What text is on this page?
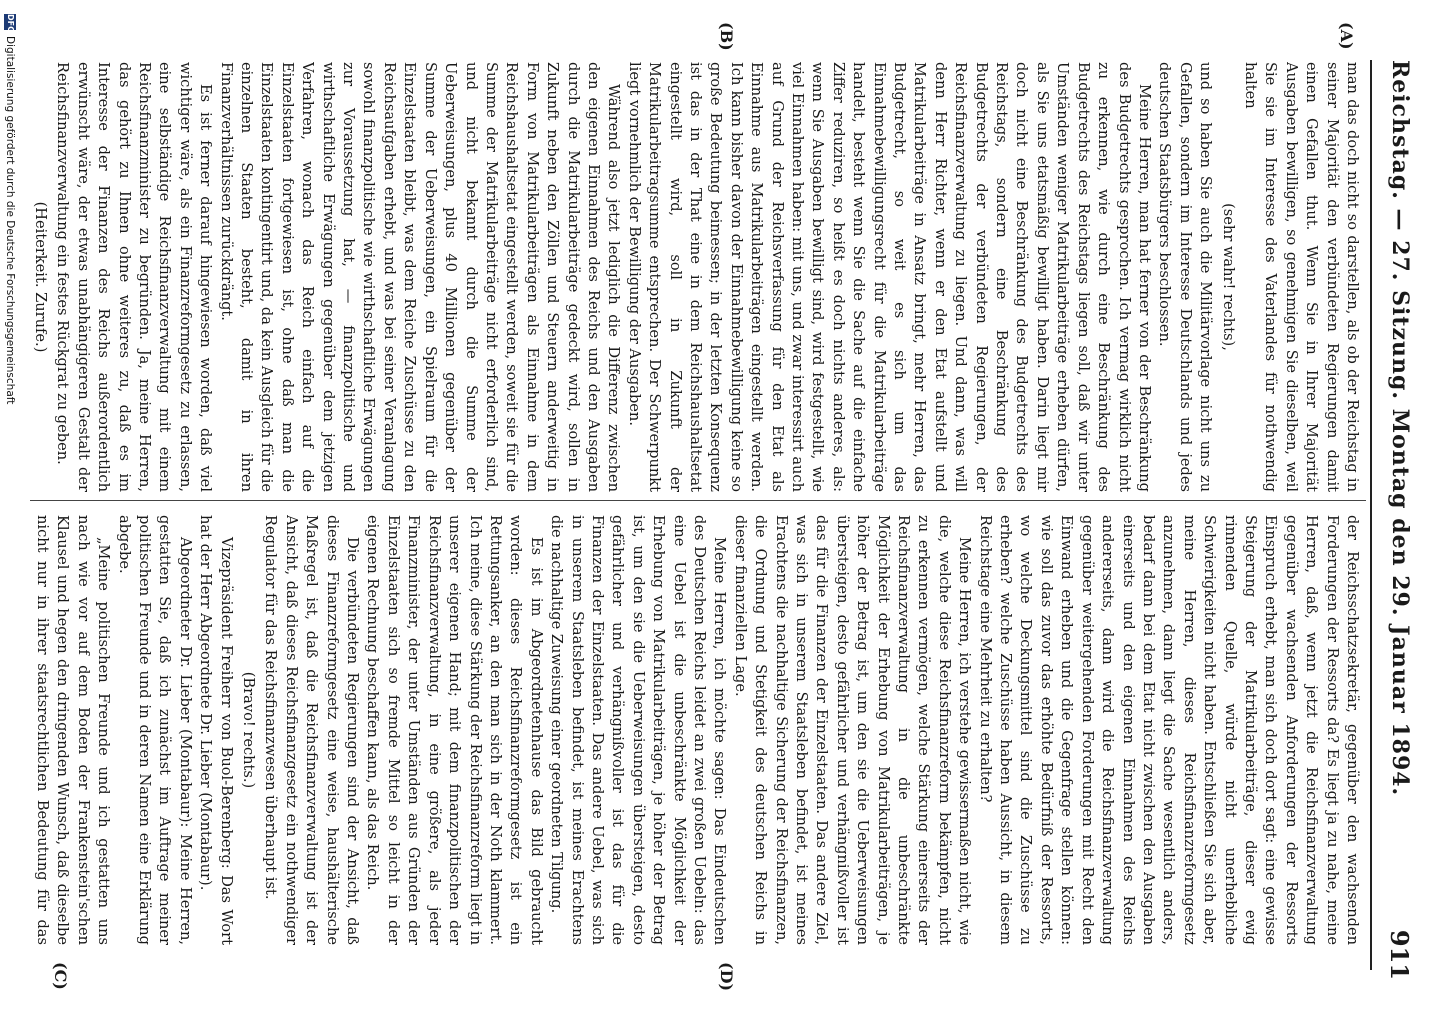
Reichstag. — 27. Sitzung. Montag den 29. Januar 1894.
911
(A)
(B)
(C)	(D)

man das doch nicht so darstellen, als ob der Reichstag in seiner Majorität den verbündeten Regierungen damit einen Gefallen thut. Wenn Sie in Ihrer Majorität Ausgaben bewilligen, so genehmigen Sie dieselben, weil Sie sie im Interesse des Vaterlandes für nothwendig halten

(sehr wahr! rechts),

und so haben Sie auch die Militärvorlage nicht uns zu Gefallen, sondern im Interesse Deutschlands und jedes deutschen Staatsbürgers beschlossen.

Meine Herren, man hat ferner von der Beschränkung des Budgetrechts gesprochen. Ich vermag wirklich nicht zu erkennen, wie durch eine Beschränkung des Budgetrechts des Reichstags liegen soll, daß wir unter Umständen weniger Matrikularbeiträge erheben dürfen, als Sie uns etatsmäßig bewilligt haben. Darin liegt mir doch nicht eine Beschränkung des Budgetrechts des Reichstags, sondern eine Beschränkung des Budgetrechts der verbündeten Regierungen, der Reichsfinanzverwaltung zu liegen. Und dann, was will denn Herr Richter, wenn er den Etat aufstellt und Matrikularbeiträge in Ansatz bringt, mehr Herren, das Budgetrecht, so weit es sich um das Einnahmebewilligungsrecht für die Matrikularbeiträge handelt, besteht wenn Sie die Sache auf die einfache Ziffer reduziren, so heißt es doch nichts anderes, als: wenn Sie Ausgaben bewilligt sind, wird festgestellt, wie viel Einnahmen haben: mit uns, und zwar interessirt auch auf Grund der Reichsverfassung für den Etat als Einnahme aus Matrikularbeiträgen eingestellt werden. Ich kann bisher davon der Einnahmebewilligung keine so große Bedeutung beimessen; in der letzten Konsequenz ist das in der That eine in dem Reichshaushaltsetat eingestellt wird, soll in Zukunft der Matrikularbeitragsumme entsprechen. Der Schwerpunkt liegt vornehmlich der Bewilligung der Ausgaben.

Während also jetzt lediglich die Differenz zwischen den eigenen Einnahmen des Reichs und den Ausgaben durch die Matrikularbeiträge gedeckt wird, sollen in Zukunft neben den Zöllen und Steuern anderweitig in Form von Matrikularbeiträgen als Einnahme in dem Reichshaushaltsetat eingestellt werden, soweit sie für die Summe der Matrikularbeiträge nicht erforderlich sind, und nicht bekannt durch die Summe der Ueberweisungen, plus 40 Millionen gegenüber der Summe der Ueberweisungen, ein Spielraum für die Einzelstaaten bleibt, was dem Reiche Zuschüsse zu den Reichsaufgaben erhebt, und was bei seiner Veranlagung sowohl finanzpolitische wie wirthschaftliche Erwägungen zur Voraussetzung hat, — finanzpolitische und wirthschaftliche Erwägungen gegenüber dem jetzigen Verfahren, wonach das Reich einfach auf die Einzelstaaten fortgewiesen ist, ohne daß man die Einzelstaaten kontingentirt und, da kein Ausgleich für die einzelnen Staaten besteht, damit in ihren Finanzverhältnissen zurückdrängt.

Es ist ferner darauf hingewiesen worden, daß viel wichtiger wäre, als ein Finanzreformgesetz zu erlassen, eine selbständige Reichsfinanzverwaltung mit einem Reichsfinanzminister zu begründen. Ja, meine Herren, das gehört zu Ihnen ohne weiteres zu, daß es im Interesse der Finanzen des Reichs außerordentlich erwünscht wäre, der etwas unabhängigeren Gestalt der Reichsfinanzverwaltung ein festes Rückgrat zu geben.

(Heiterkeit. Zurufe.)

der Reichsschatzsekretär, gegenüber den wachsenden Forderungen der Ressorts da? Es liegt ja zu nahe, meine Herren, daß, wenn jetzt die Reichsfinanzverwaltung gegenüber wachsenden Anforderungen der Ressorts Einspruch erhebt, man sich doch dort sagt: eine gewisse Steigerung der Matrikularbeiträge, dieser ewig rinnenden Quelle, würde nicht unerhebliche Schwierigkeiten nicht haben. Entschließen Sie sich aber, meine Herren, dieses Reichsfinanzreformgesetz anzunehmen, dann liegt die Sache wesentlich anders, bedarf dann bei dem Etat nicht zwischen den Ausgaben einerseits und den eigenen Einnahmen des Reichs andererseits, dann wird die Reichsfinanzverwaltung gegenüber weitergehenden Forderungen mit Recht den Einwand erheben und die Gegenfrage stellen können: wie soll das zuvor das erhöhte Bedürfniß der Ressorts, wo welche Deckungsmittel sind die Zuschüsse zu erheben? welche Zuschüsse haben Aussicht, in diesem Reichstage eine Mehrheit zu erhalten?

Meine Herren, ich verstehe gewissermaßen nicht, wie die, welche diese Reichsfinanzreform bekämpfen, nicht zu erkennen vermögen, welche Stärkung einerseits der Reichsfinanzverwaltung in die unbeschränkte Möglichkeit der Erhebung von Matrikularbeiträgen, je höher der Betrag ist, um den sie die Ueberweisungen übersteigen, desto gefährlicher und verhängnißvoller ist das für die Finanzen der Einzelstaaten. Das andere Ziel, was sich in unserem Staatsleben befindet, ist meines Erachtens die nachhaltige Sicherung der Reichsfinanzen, die Ordnung und Stetigkeit des deutschen Reichs in dieser finanziellen Lage.

Meine Herren, ich möchte sagen: Das Eindeutschen des Deutschen Reichs leidet an zwei großen Uebeln: das eine Uebel ist die unbeschränkte Möglichkeit der Erhebung von Matrikularbeiträgen, je höher der Betrag ist, um den sie die Ueberweisungen übersteigen, desto gefährlicher und verhängnißvoller ist das für die Finanzen der Einzelstaaten. Das andere Uebel, was sich in unserem Staatsleben befindet, ist meines Erachtens die nachhaltige Zuweisung einer geordneten Tilgung.

Es ist im Abgeordnetenhause das Bild gebraucht worden: dieses Reichsfinanzreformgesetz ist ein Rettungsanker, an den man sich in der Noth klammert. Ich meine, diese Stärkung der Reichsfinanzreform liegt in unserer eigenen Hand; mit dem finanzpolitischen der Reichsfinanzverwaltung, in eine größere, als jeder Finanzminister, der unter Umständen aus Gründen der Einzelstaaten sich so fremde Mittel so leicht in der eigenen Rechnung beschaffen kann, als das Reich.

Die verbündeten Regierungen sind der Ansicht, daß dieses Finanzreformgesetz eine weise, haushälterische Maßregel ist, daß die Reichsfinanzverwaltung ist der Ansicht, daß dieses Reichsfinanzgesetz ein nothwendiger Regulator für das Reichsfinanzwesen überhaupt ist.

(Bravo! rechts.)

Vizepräsident Freiherr von Buol-Berenberg: Das Wort hat der Herr Abgeordnete Dr. Lieber (Montabaur).

Abgeordneter Dr. Lieber (Montabaur): Meine Herren, gestatten Sie, daß ich zunächst im Auftrage meiner politischen Freunde und in deren Namen eine Erklärung abgebe.

„Meine politischen Freunde und ich gestatten uns nach wie vor auf dem Boden der Frankenstein'schen Klausel und hegen den dringenden Wunsch, daß dieselbe nicht nur in ihrer staatsrechtlichen Bedeutung für das

DFG
Digitalisierung gefördert durch die Deutsche Forschungsgemeinschaft
